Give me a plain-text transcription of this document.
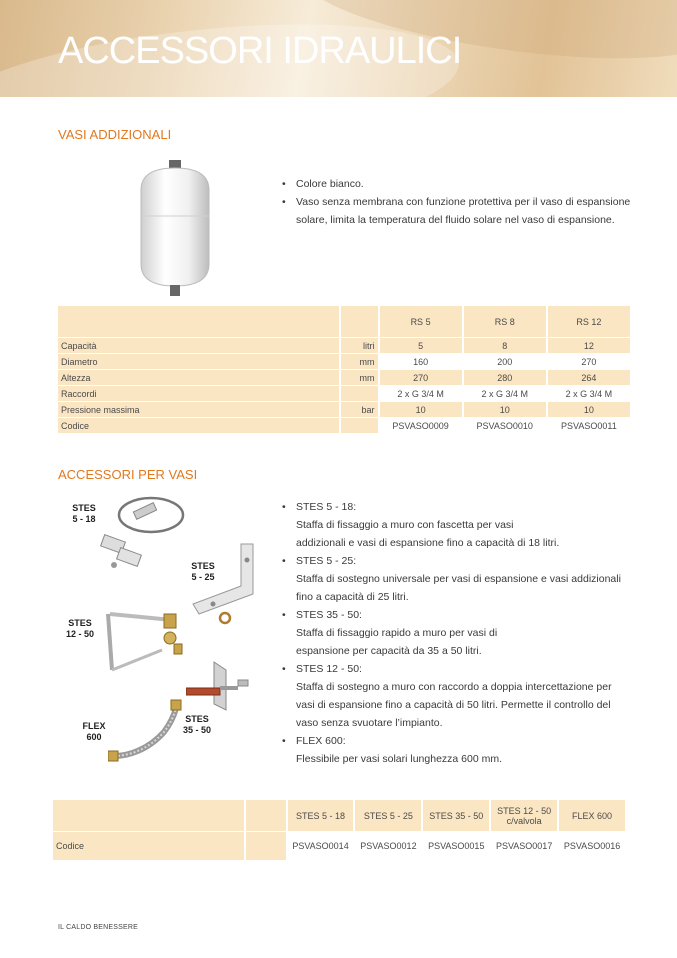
ACCESSORI IDRAULICI
VASI ADDIZIONALI
• Colore bianco.
• Vaso senza membrana con funzione protettiva per il vaso di espansione solare, limita la temperatura del fluido solare nel vaso di espansione.
		RS 5	RS 8	RS 12
Capacità	litri	5	8	12
Diametro	mm	160	200	270
Altezza	mm	270	280	264
Raccordi		2 x G 3/4 M	2 x G 3/4 M	2 x G 3/4 M
Pressione massima	bar	10	10	10
Codice		PSVASO0009	PSVASO0010	PSVASO0011
ACCESSORI PER VASI
STES
5 - 18
STES
5 - 25
STES
12 - 50
FLEX
600
STES
35 - 50
• STES 5 - 18:
Staffa di fissaggio a muro con fascetta per vasi
addizionali e vasi di espansione fino a capacità di 18 litri.
• STES 5 - 25:
Staffa di sostegno universale per vasi di espansione e vasi addizionali
fino a capacità di 25 litri.
• STES 35 - 50:
Staffa di fissaggio rapido a muro per vasi di
espansione per capacità da 35 a 50 litri.
• STES 12 - 50:
Staffa di sostegno a muro con raccordo a doppia intercettazione per
vasi di espansione fino a capacità di 50 litri. Permette il controllo del
vaso senza svuotare l’impianto.
• FLEX 600:
Flessibile per vasi solari lunghezza 600 mm.
		STES 5 - 18	STES 5 - 25	STES 35 - 50	STES 12 - 50 c/valvola	FLEX 600
Codice		PSVASO0014	PSVASO0012	PSVASO0015	PSVASO0017	PSVASO0016
IL CALDO BENESSERE
